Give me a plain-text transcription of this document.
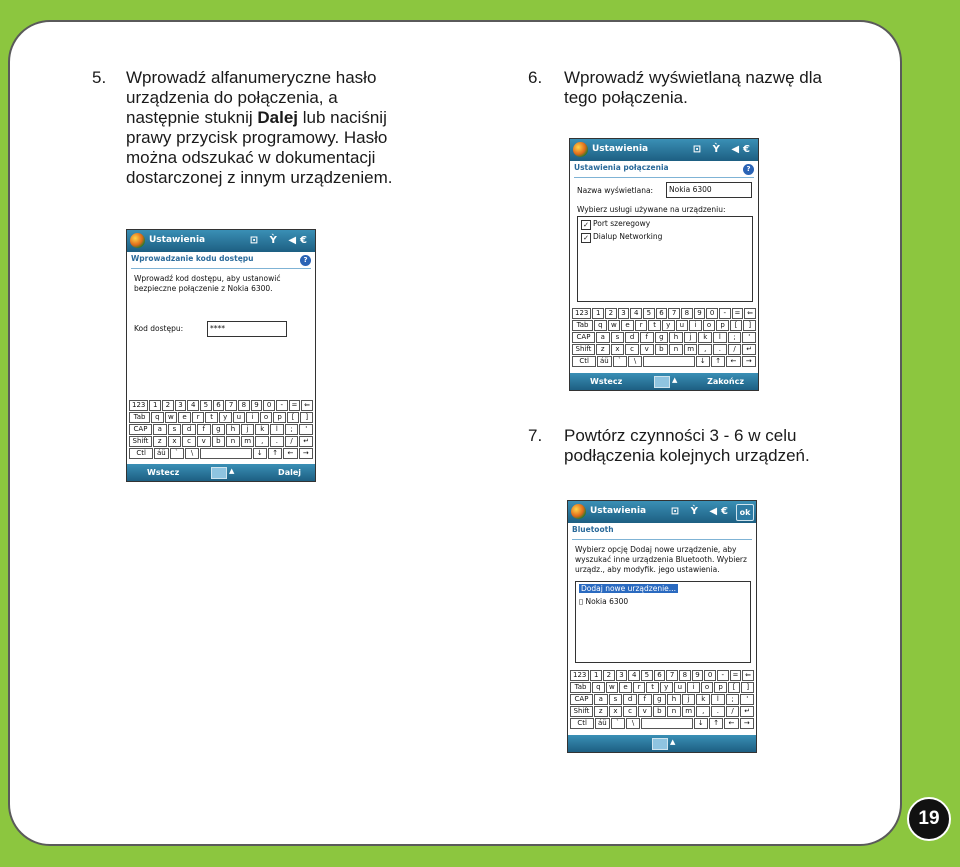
5. Wprowadź alfanumeryczne hasło
urządzenia do połączenia, a
następnie stuknij Dalej lub naciśnij
prawy przycisk programowy. Hasło
można odszukać w dokumentacji
dostarczonej z innym urządzeniem.
6. Wprowadź wyświetlaną nazwę dla
tego połączenia.
7. Powtórz czynności 3 - 6 w celu
podłączenia kolejnych urządzeń.
Ustawienia	⊡ Ỳ ◀€
Wprowadzanie kodu dostępu	?
Wprowadź kod dostępu, aby ustanowić
bezpieczne połączenie z Nokia 6300.
Kod dostępu:	****
123	1	2	3	4	5	6	7	8	9	0	-	= ⇐
Tab	q	w	e	r	t	y	u	i	o	p	[	]
CAP	a	s	d	f	g	h	j	k	l	;	'
Shift	z	x	c	v	b	n	m	,	.	/	↵
Ctl	áü	`	\	↓	↑	←	→
Wstecz	▲	Dalej
Ustawienia	⊡ Ỳ ◀€
Ustawienia połączenia	?
Nazwa wyświetlana:	Nokia 6300
Wybierz usługi używane na urządzeniu:
✓ Port szeregowy
✓ Dialup Networking
123	1	2	3	4	5	6	7	8	9	0	-	= ⇐
Tab	q	w	e	r	t	y	u	i	o	p	[	]
CAP	a	s	d	f	g	h	j	k	l	;	'
Shift	z	x	c	v	b	n	m	,	.	/	↵
Ctl	áü	`	\	↓	↑	←	→
Wstecz	▲	Zakończ
Ustawienia ⊡ Ỳ ◀€ ok
Bluetooth
Wybierz opcję Dodaj nowe urządzenie, aby
wyszukać inne urządzenia Bluetooth. Wybierz
urządz., aby modyfik. jego ustawienia.
Dodaj nowe urządzenie...
▯ Nokia 6300
123	1	2	3	4	5	6	7	8	9	0	-	= ⇐
Tab	q	w	e	r	t	y	u	i	o	p	[	]
CAP	a	s	d	f	g	h	j	k	l	;	'
Shift	z	x	c	v	b	n	m	,	.	/	↵
Ctl	áü	`	\	↓	↑	←	→
▲
19
